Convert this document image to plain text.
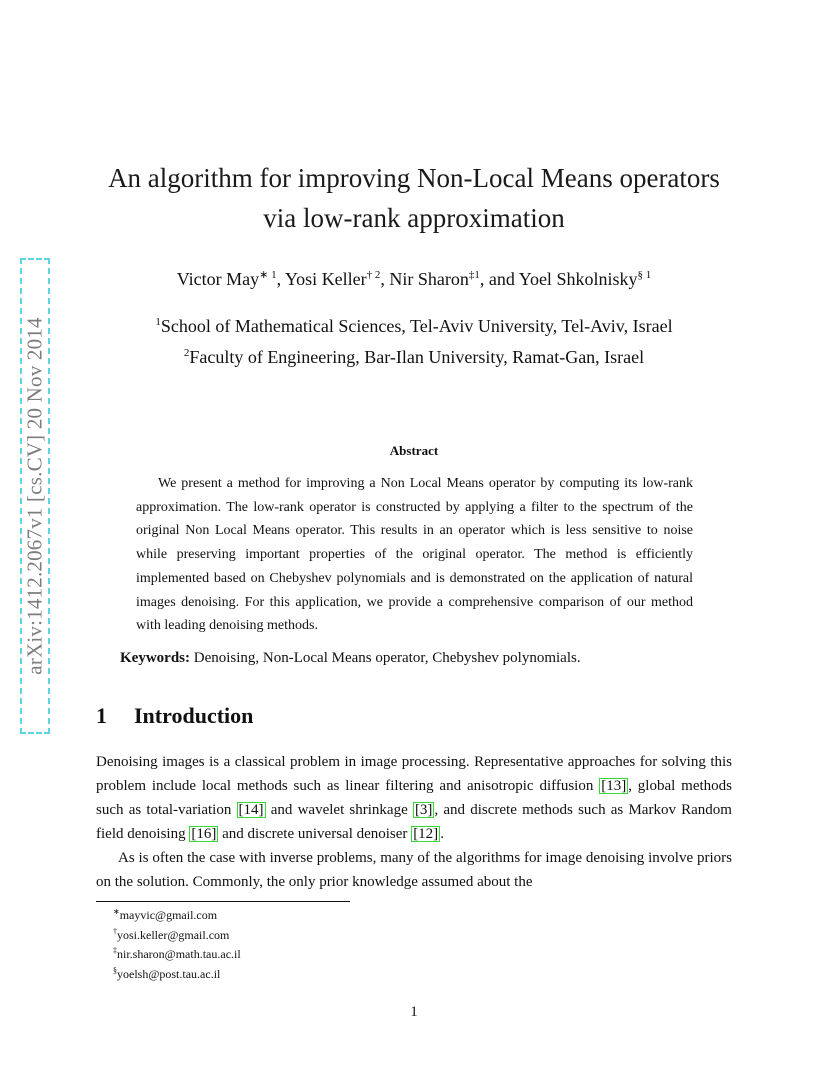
arXiv:1412.2067v1 [cs.CV] 20 Nov 2014
An algorithm for improving Non-Local Means operators
via low-rank approximation
Victor May$^{∗ 1}$, Yosi Keller$^{\dagger 2}$, Nir Sharon$^{\ddagger 1}$, and Yoel Shkolnisky$^{\S 1}$
$^1$School of Mathematical Sciences, Tel-Aviv University, Tel-Aviv, Israel
$^2$Faculty of Engineering, Bar-Ilan University, Ramat-Gan, Israel
Abstract
We present a method for improving a Non Local Means operator by computing its low-rank approximation. The low-rank operator is constructed by applying a filter to the spectrum of the original Non Local Means operator. This results in an operator which is less sensitive to noise while preserving important properties of the original operator. The method is efficiently implemented based on Chebyshev polynomials and is demonstrated on the application of natural images denoising. For this application, we provide a comprehensive comparison of our method with leading denoising methods.
Keywords: Denoising, Non-Local Means operator, Chebyshev polynomials.
1 Introduction

Denoising images is a classical problem in image processing. Representative approaches for solving this problem include local methods such as linear filtering and anisotropic diffusion [13] , global methods such as total-variation [14] and wavelet shrinkage [3] , and discrete methods such as Markov Random field denoising [16] and discrete universal denoiser [12] .

As is often the case with inverse problems, many of the algorithms for image denoising involve priors on the solution. Commonly, the only prior knowledge assumed about the

∗mayvic@gmail.com
†yosi.keller@gmail.com
‡nir.sharon@math.tau.ac.il
§yoelsh@post.tau.ac.il
1
